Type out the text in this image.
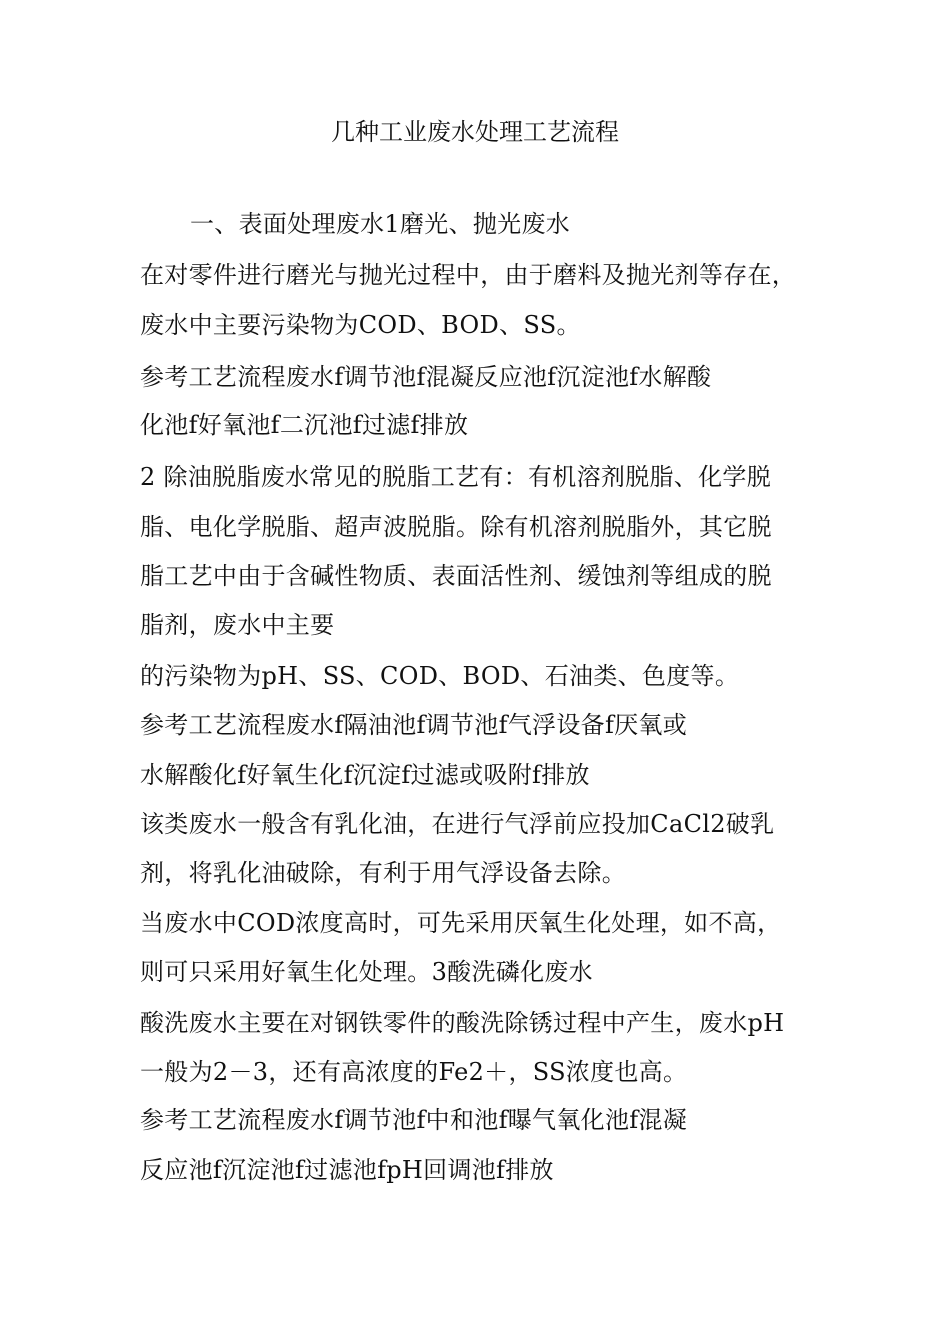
几种工业废水处理工艺流程
一、表面处理废水1磨光、抛光废水
在对零件进行磨光与抛光过程中，由于磨料及抛光剂等存在，
废水中主要污染物为COD、BOD、SS。
参考工艺流程废水f调节池f混凝反应池f沉淀池f水解酸
化池f好氧池f二沉池f过滤f排放
2 除油脱脂废水常见的脱脂工艺有：有机溶剂脱脂、化学脱
脂、电化学脱脂、超声波脱脂。除有机溶剂脱脂外，其它脱
脂工艺中由于含碱性物质、表面活性剂、缓蚀剂等组成的脱
脂剂，废水中主要
的污染物为pH、SS、COD、BOD、石油类、色度等。
参考工艺流程废水f隔油池f调节池f气浮设备f厌氧或
水解酸化f好氧生化f沉淀f过滤或吸附f排放
该类废水一般含有乳化油，在进行气浮前应投加CaCl2破乳
剂，将乳化油破除，有利于用气浮设备去除。
当废水中COD浓度高时，可先采用厌氧生化处理，如不高，
则可只采用好氧生化处理。3酸洗磷化废水
酸洗废水主要在对钢铁零件的酸洗除锈过程中产生，废水pH
一般为2－3，还有高浓度的Fe2＋，SS浓度也高。
参考工艺流程废水f调节池f中和池f曝气氧化池f混凝
反应池f沉淀池f过滤池fpH回调池f排放
